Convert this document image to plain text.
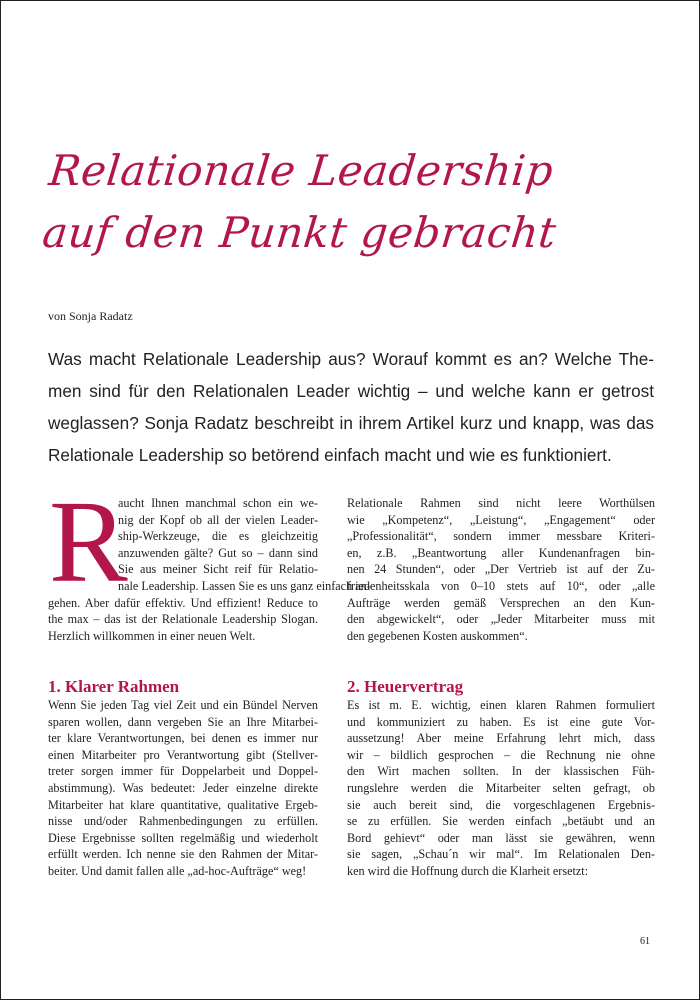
Relationale Leadership
auf den Punkt gebracht
von Sonja Radatz
Was macht Relationale Leadership aus? Worauf kommt es an? Welche The-
men sind für den Relationalen Leader wichtig – und welche kann er getrost
weglassen? Sonja Radatz beschreibt in ihrem Artikel kurz und knapp, was das
Relationale Leadership so betörend einfach macht und wie es funktioniert.
R
aucht Ihnen manchmal schon ein we-
nig der Kopf ob all der vielen Leader-
ship-Werkzeuge, die es gleichzeitig
anzuwenden gälte? Gut so – dann sind
Sie aus meiner Sicht reif für Relatio-
nale Leadership. Lassen Sie es uns ganz einfach an-
gehen. Aber dafür effektiv. Und effizient! Reduce to
the max – das ist der Relationale Leadership Slogan.
Herzlich willkommen in einer neuen Welt.
Relationale Rahmen sind nicht leere Worthülsen
wie „Kompetenz“, „Leistung“, „Engagement“ oder
„Professionalität“, sondern immer messbare Kriteri-
en, z.B. „Beantwortung aller Kundenanfragen bin-
nen 24 Stunden“, oder „Der Vertrieb ist auf der Zu-
friedenheitsskala von 0–10 stets auf 10“, oder „alle
Aufträge werden gemäß Versprechen an den Kun-
den abgewickelt“, oder „Jeder Mitarbeiter muss mit
den gegebenen Kosten auskommen“.
1. Klarer Rahmen
Wenn Sie jeden Tag viel Zeit und ein Bündel Nerven
sparen wollen, dann vergeben Sie an Ihre Mitarbei-
ter klare Verantwortungen, bei denen es immer nur
einen Mitarbeiter pro Verantwortung gibt (Stellver-
treter sorgen immer für Doppelarbeit und Doppel-
abstimmung). Was bedeutet: Jeder einzelne direkte
Mitarbeiter hat klare quantitative, qualitative Ergeb-
nisse und/oder Rahmenbedingungen zu erfüllen.
Diese Ergebnisse sollten regelmäßig und wiederholt
erfüllt werden. Ich nenne sie den Rahmen der Mitar-
beiter. Und damit fallen alle „ad-hoc-Aufträge“ weg!
2. Heuervertrag
Es ist m. E. wichtig, einen klaren Rahmen formuliert
und kommuniziert zu haben. Es ist eine gute Vor-
aussetzung! Aber meine Erfahrung lehrt mich, dass
wir – bildlich gesprochen – die Rechnung nie ohne
den Wirt machen sollten. In der klassischen Füh-
rungslehre werden die Mitarbeiter selten gefragt, ob
sie auch bereit sind, die vorgeschlagenen Ergebnis-
se zu erfüllen. Sie werden einfach „betäubt und an
Bord gehievt“ oder man lässt sie gewähren, wenn
sie sagen, „Schau´n wir mal“. Im Relationalen Den-
ken wird die Hoffnung durch die Klarheit ersetzt:
61
